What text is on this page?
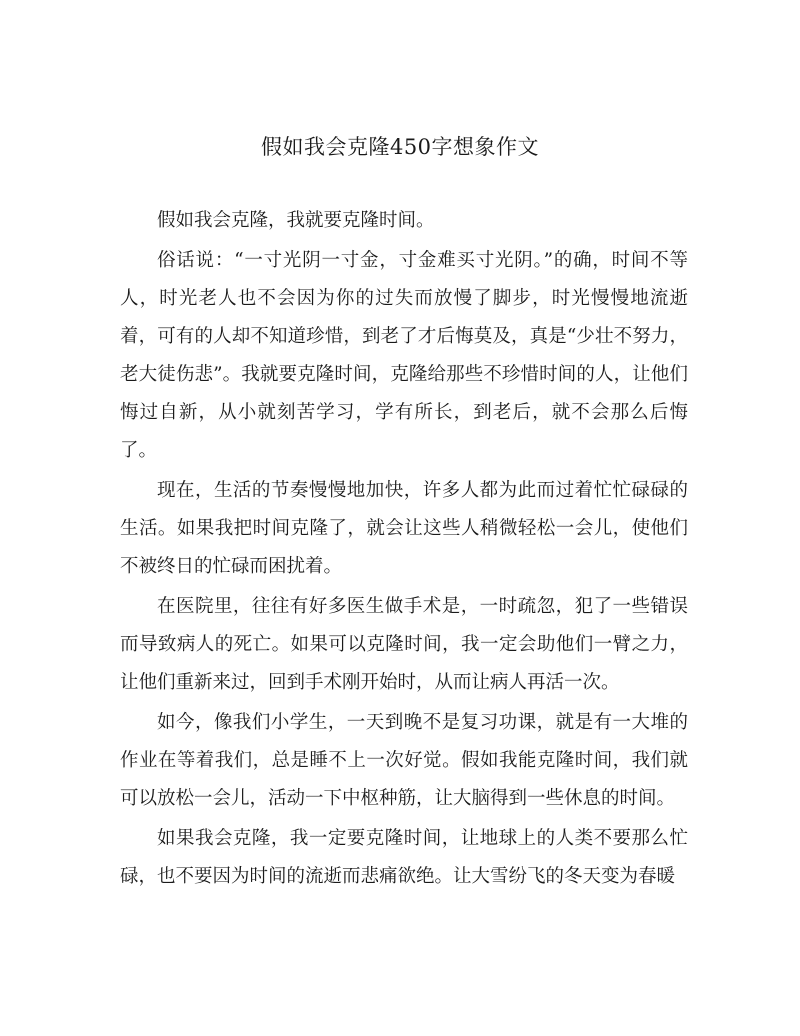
假如我会克隆450字想象作文

假如我会克隆，我就要克隆时间。

俗话说：“一寸光阴一寸金，寸金难买寸光阴。”的确，时间不等人，时光老人也不会因为你的过失而放慢了脚步，时光慢慢地流逝着，可有的人却不知道珍惜，到老了才后悔莫及，真是“少壮不努力，老大徒伤悲”。我就要克隆时间，克隆给那些不珍惜时间的人，让他们悔过自新，从小就刻苦学习，学有所长，到老后，就不会那么后悔了。

现在，生活的节奏慢慢地加快，许多人都为此而过着忙忙碌碌的生活。如果我把时间克隆了，就会让这些人稍微轻松一会儿，使他们不被终日的忙碌而困扰着。

在医院里，往往有好多医生做手术是，一时疏忽，犯了一些错误而导致病人的死亡。如果可以克隆时间，我一定会助他们一臂之力，让他们重新来过，回到手术刚开始时，从而让病人再活一次。

如今，像我们小学生，一天到晚不是复习功课，就是有一大堆的作业在等着我们，总是睡不上一次好觉。假如我能克隆时间，我们就可以放松一会儿，活动一下中枢种筋，让大脑得到一些休息的时间。

如果我会克隆，我一定要克隆时间，让地球上的人类不要那么忙碌，也不要因为时间的流逝而悲痛欲绝。让大雪纷飞的冬天变为春暖
